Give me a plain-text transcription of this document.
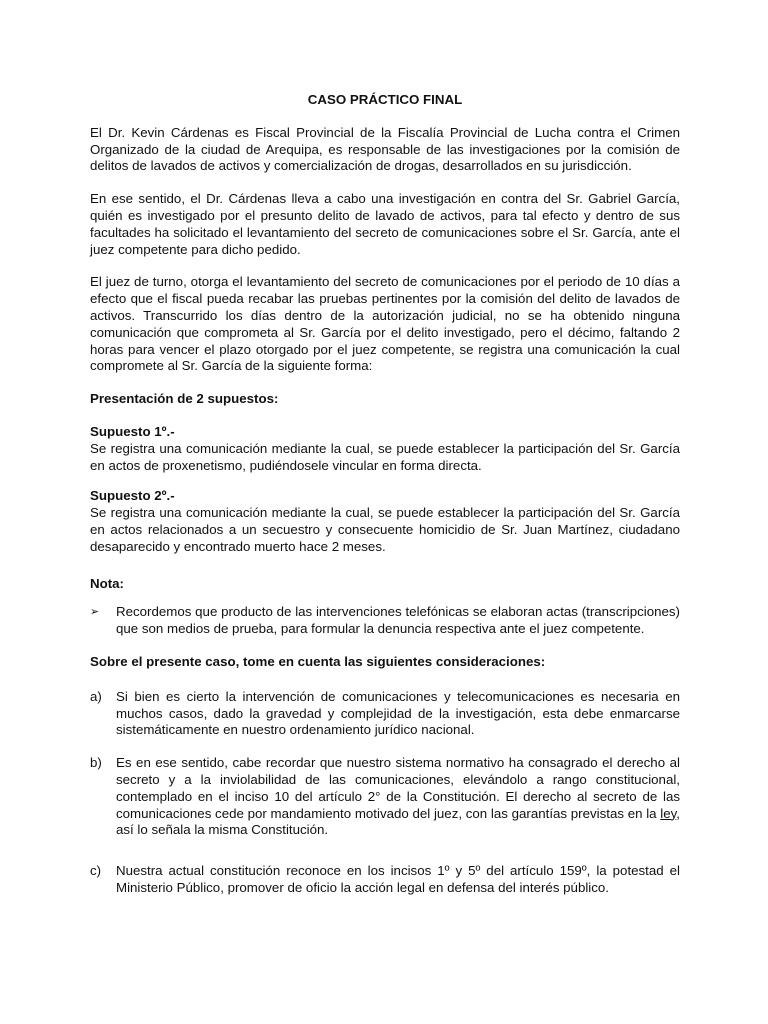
CASO PRÁCTICO FINAL

El Dr. Kevin Cárdenas es Fiscal Provincial de la Fiscalía Provincial de Lucha contra el Crimen Organizado de la ciudad de Arequipa, es responsable de las investigaciones por la comisión de delitos de lavados de activos y comercialización de drogas, desarrollados en su jurisdicción.

En ese sentido, el Dr. Cárdenas lleva a cabo una investigación en contra del Sr. Gabriel García, quién es investigado por el presunto delito de lavado de activos, para tal efecto y dentro de sus facultades ha solicitado el levantamiento del secreto de comunicaciones sobre el Sr. García, ante el juez competente para dicho pedido.

El juez de turno, otorga el levantamiento del secreto de comunicaciones por el periodo de 10 días a efecto que el fiscal pueda recabar las pruebas pertinentes por la comisión del delito de lavados de activos. Transcurrido los días dentro de la autorización judicial, no se ha obtenido ninguna comunicación que comprometa al Sr. García por el delito investigado, pero el décimo, faltando 2 horas para vencer el plazo otorgado por el juez competente, se registra una comunicación la cual compromete al Sr. García de la siguiente forma:

Presentación de 2 supuestos:
Supuesto 1º.-

Se registra una comunicación mediante la cual, se puede establecer la participación del Sr. García en actos de proxenetismo, pudiéndosele vincular en forma directa.

Supuesto 2º.-

Se registra una comunicación mediante la cual, se puede establecer la participación del Sr. García en actos relacionados a un secuestro y consecuente homicidio de Sr. Juan Martínez, ciudadano desaparecido y encontrado muerto hace 2 meses.

Nota:
➢	Recordemos que producto de las intervenciones telefónicas se elaboran actas (transcripciones) que son medios de prueba, para formular la denuncia respectiva ante el juez competente.
Sobre el presente caso, tome en cuenta las siguientes consideraciones:
a)	Si bien es cierto la intervención de comunicaciones y telecomunicaciones es necesaria en muchos casos, dado la gravedad y complejidad de la investigación, esta debe enmarcarse sistemáticamente en nuestro ordenamiento jurídico nacional.
b)	Es en ese sentido, cabe recordar que nuestro sistema normativo ha consagrado el derecho al secreto y a la inviolabilidad de las comunicaciones, elevándolo a rango constitucional, contemplado en el inciso 10 del artículo 2° de la Constitución. El derecho al secreto de las comunicaciones cede por mandamiento motivado del juez, con las garantías previstas en la ley, así lo señala la misma Constitución.
c)	Nuestra actual constitución reconoce en los incisos 1º y 5º del artículo 159º, la potestad el Ministerio Público, promover de oficio la acción legal en defensa del interés público.
